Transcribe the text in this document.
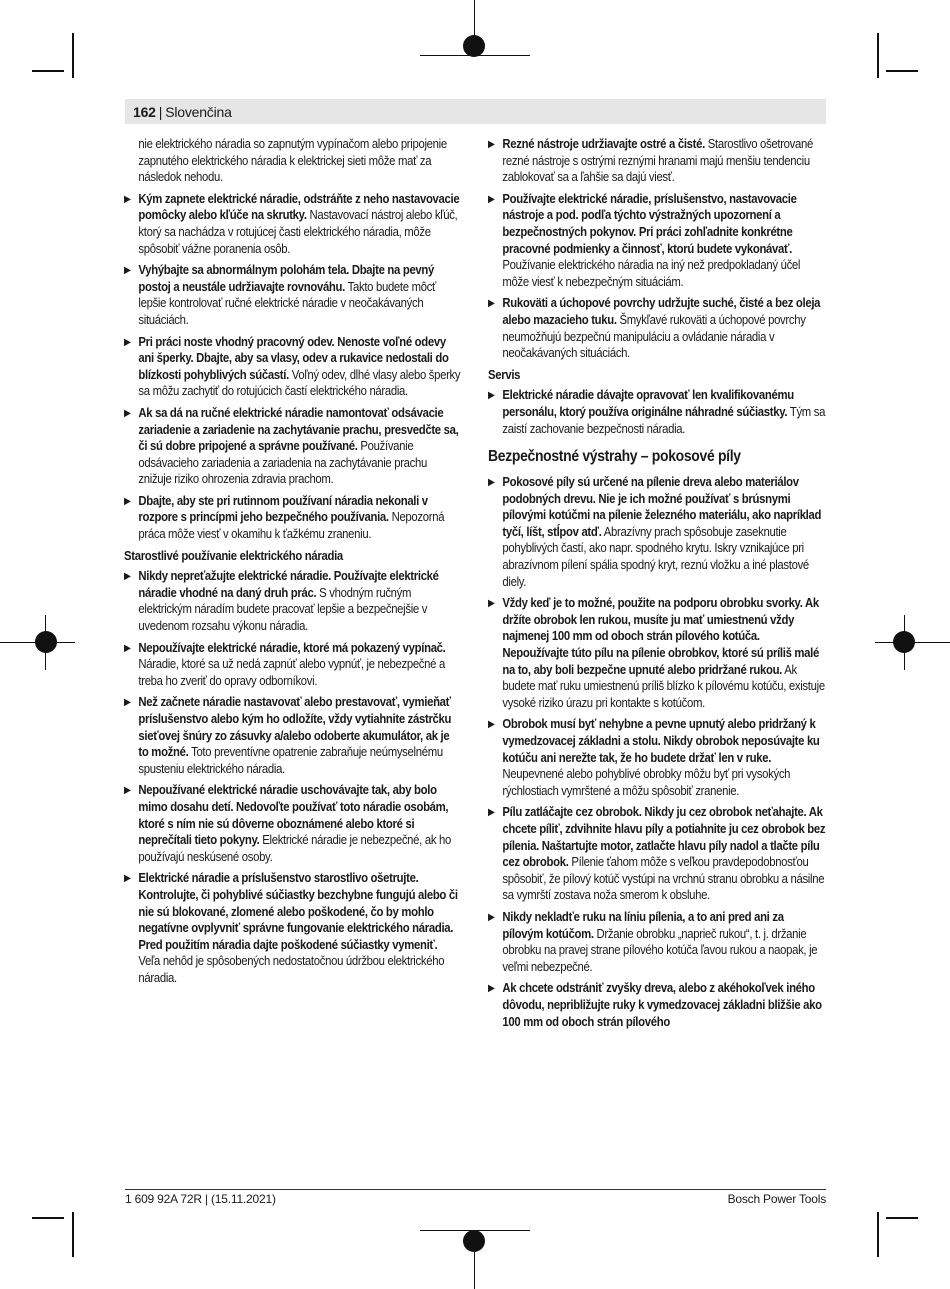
162 | Slovenčina

nie elektrického náradia so zapnutým vypínačom alebo pripojenie zapnutého elektrického náradia k elektrickej sieti môže mať za následok nehodu.

▶ Kým zapnete elektrické náradie, odstráňte z neho nastavovacie pomôcky alebo kľúče na skrutky. Nastavovací nástroj alebo kľúč, ktorý sa nachádza v rotujúcej časti elektrického náradia, môže spôsobiť vážne poranenia osôb.
▶ Vyhýbajte sa abnormálnym polohám tela. Dbajte na pevný postoj a neustále udržiavajte rovnováhu. Takto budete môcť lepšie kontrolovať ručné elektrické náradie v neočakávaných situáciách.
▶ Pri práci noste vhodný pracovný odev. Nenoste voľné odevy ani šperky. Dbajte, aby sa vlasy, odev a rukavice nedostali do blízkosti pohyblivých súčastí. Voľný odev, dlhé vlasy alebo šperky sa môžu zachytiť do rotujúcich častí elektrického náradia.
▶ Ak sa dá na ručné elektrické náradie namontovať odsávacie zariadenie a zariadenie na zachytávanie prachu, presvedčte sa, či sú dobre pripojené a správne používané. Používanie odsávacieho zariadenia a zariadenia na zachytávanie prachu znižuje riziko ohrozenia zdravia prachom.
▶ Dbajte, aby ste pri rutinnom používaní náradia nekonali v rozpore s princípmi jeho bezpečného používania. Nepozorná práca môže viesť v okamihu k ťažkému zraneniu.

Starostlivé používanie elektrického náradia

▶ Nikdy nepreťažujte elektrické náradie. Používajte elektrické náradie vhodné na daný druh prác. S vhodným ručným elektrickým náradím budete pracovať lepšie a bezpečnejšie v uvedenom rozsahu výkonu náradia.
▶ Nepoužívajte elektrické náradie, ktoré má pokazený vypínač. Náradie, ktoré sa už nedá zapnúť alebo vypnúť, je nebezpečné a treba ho zveriť do opravy odborníkovi.
▶ Než začnete náradie nastavovať alebo prestavovať, vymieňať príslušenstvo alebo kým ho odložíte, vždy vytiahnite zástrčku sieťovej šnúry zo zásuvky a/alebo odoberte akumulátor, ak je to možné. Toto preventívne opatrenie zabraňuje neúmyselnému spusteniu elektrického náradia.
▶ Nepoužívané elektrické náradie uschovávajte tak, aby bolo mimo dosahu detí. Nedovoľte používať toto náradie osobám, ktoré s ním nie sú dôverne oboznámené alebo ktoré si neprečítali tieto pokyny. Elektrické náradie je nebezpečné, ak ho používajú neskúsené osoby.
▶ Elektrické náradie a príslušenstvo starostlivo ošetrujte. Kontrolujte, či pohyblivé súčiastky bezchybne fungujú alebo či nie sú blokované, zlomené alebo poškodené, čo by mohlo negatívne ovplyvniť správne fungovanie elektrického náradia. Pred použitím náradia dajte poškodené súčiastky vymeniť. Veľa nehôd je spôsobených nedostatočnou údržbou elektrického náradia.
▶ Rezné nástroje udržiavajte ostré a čisté. Starostlivo ošetrované rezné nástroje s ostrými reznými hranami majú menšiu tendenciu zablokovať sa a ľahšie sa dajú viesť.
▶ Používajte elektrické náradie, príslušenstvo, nastavovacie nástroje a pod. podľa týchto výstražných upozornení a bezpečnostných pokynov. Pri práci zohľadnite konkrétne pracovné podmienky a činnosť, ktorú budete vykonávať. Používanie elektrického náradia na iný než predpokladaný účel môže viesť k nebezpečným situáciám.
▶ Rukoväti a úchopové povrchy udržujte suché, čisté a bez oleja alebo mazacieho tuku. Šmykľavé rukoväti a úchopové povrchy neumožňujú bezpečnú manipuláciu a ovládanie náradia v neočakávaných situáciách.

Servis

▶ Elektrické náradie dávajte opravovať len kvalifikovanému personálu, ktorý používa originálne náhradné súčiastky. Tým sa zaistí zachovanie bezpečnosti náradia.

Bezpečnostné výstrahy – pokosové píly

▶ Pokosové píly sú určené na pílenie dreva alebo materiálov podobných drevu. Nie je ich možné používať s brúsnymi pílovými kotúčmi na pílenie železného materiálu, ako napríklad tyčí, líšt, stĺpov atď. Abrazívny prach spôsobuje zaseknutie pohyblivých častí, ako napr. spodného krytu. Iskry vznikajúce pri abrazívnom pílení spália spodný kryt, reznú vložku a iné plastové diely.
▶ Vždy keď je to možné, použite na podporu obrobku svorky. Ak držíte obrobok len rukou, musíte ju mať umiestnenú vždy najmenej 100 mm od oboch strán pílového kotúča. Nepoužívajte túto pílu na pílenie obrobkov, ktoré sú príliš malé na to, aby boli bezpečne upnuté alebo pridržané rukou. Ak budete mať ruku umiestnenú príliš blízko k pílovému kotúču, existuje vysoké riziko úrazu pri kontakte s kotúčom.
▶ Obrobok musí byť nehybne a pevne upnutý alebo pridržaný k vymedzovacej základni a stolu. Nikdy obrobok neposúvajte ku kotúču ani nerežte tak, že ho budete držať len v ruke. Neupevnené alebo pohyblivé obrobky môžu byť pri vysokých rýchlostiach vymrštené a môžu spôsobiť zranenie.
▶ Pílu zatláčajte cez obrobok. Nikdy ju cez obrobok neťahajte. Ak chcete píliť, zdvihnite hlavu píly a potiahnite ju cez obrobok bez pílenia. Naštartujte motor, zatlačte hlavu píly nadol a tlačte pílu cez obrobok. Pílenie ťahom môže s veľkou pravdepodobnosťou spôsobiť, že pílový kotúč vystúpi na vrchnú stranu obrobku a násilne sa vymrští zostava noža smerom k obsluhe.
▶ Nikdy nekladťe ruku na líniu pílenia, a to ani pred ani za pílovým kotúčom. Držanie obrobku „naprieč rukou“, t. j. držanie obrobku na pravej strane pílového kotúča ľavou rukou a naopak, je veľmi nebezpečné.
▶ Ak chcete odstrániť zvyšky dreva, alebo z akéhokoľvek iného dôvodu, nepribližujte ruky k vymedzovacej základni bližšie ako 100 mm od oboch strán pílového
1 609 92A 72R | (15.11.2021)	Bosch Power Tools
